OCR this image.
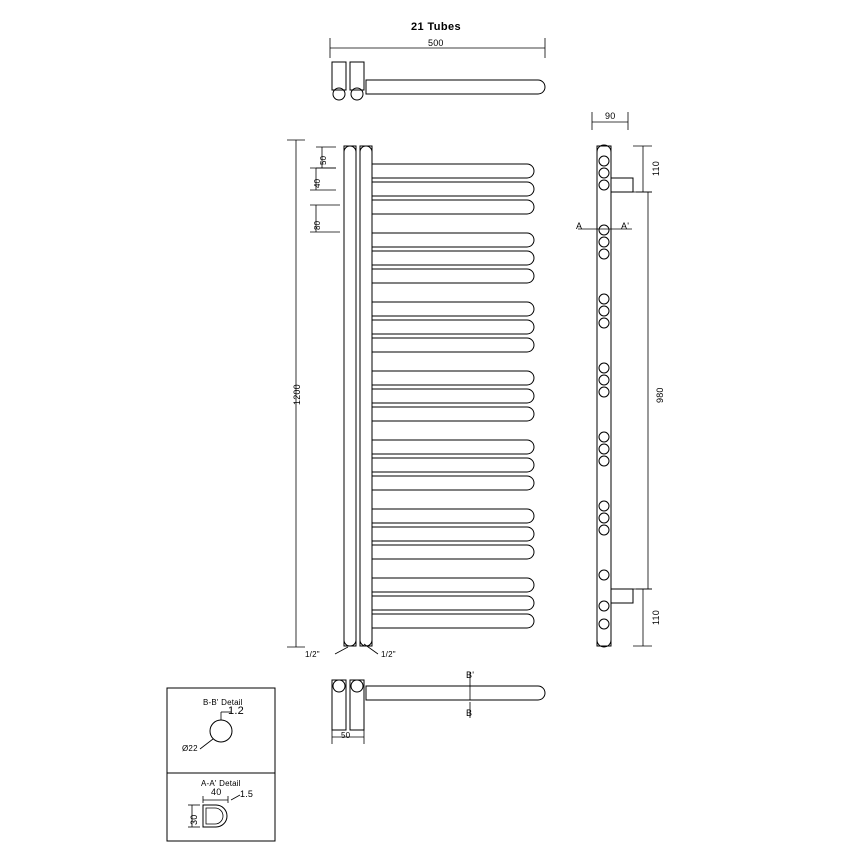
21 Tubes
500
1200
50
40
80
1/2"	1/2"
90
110
110
980
A	A'
50
B'
B
B-B' Detail
1.2
Ø22
A-A' Detail
40 1.5
30
